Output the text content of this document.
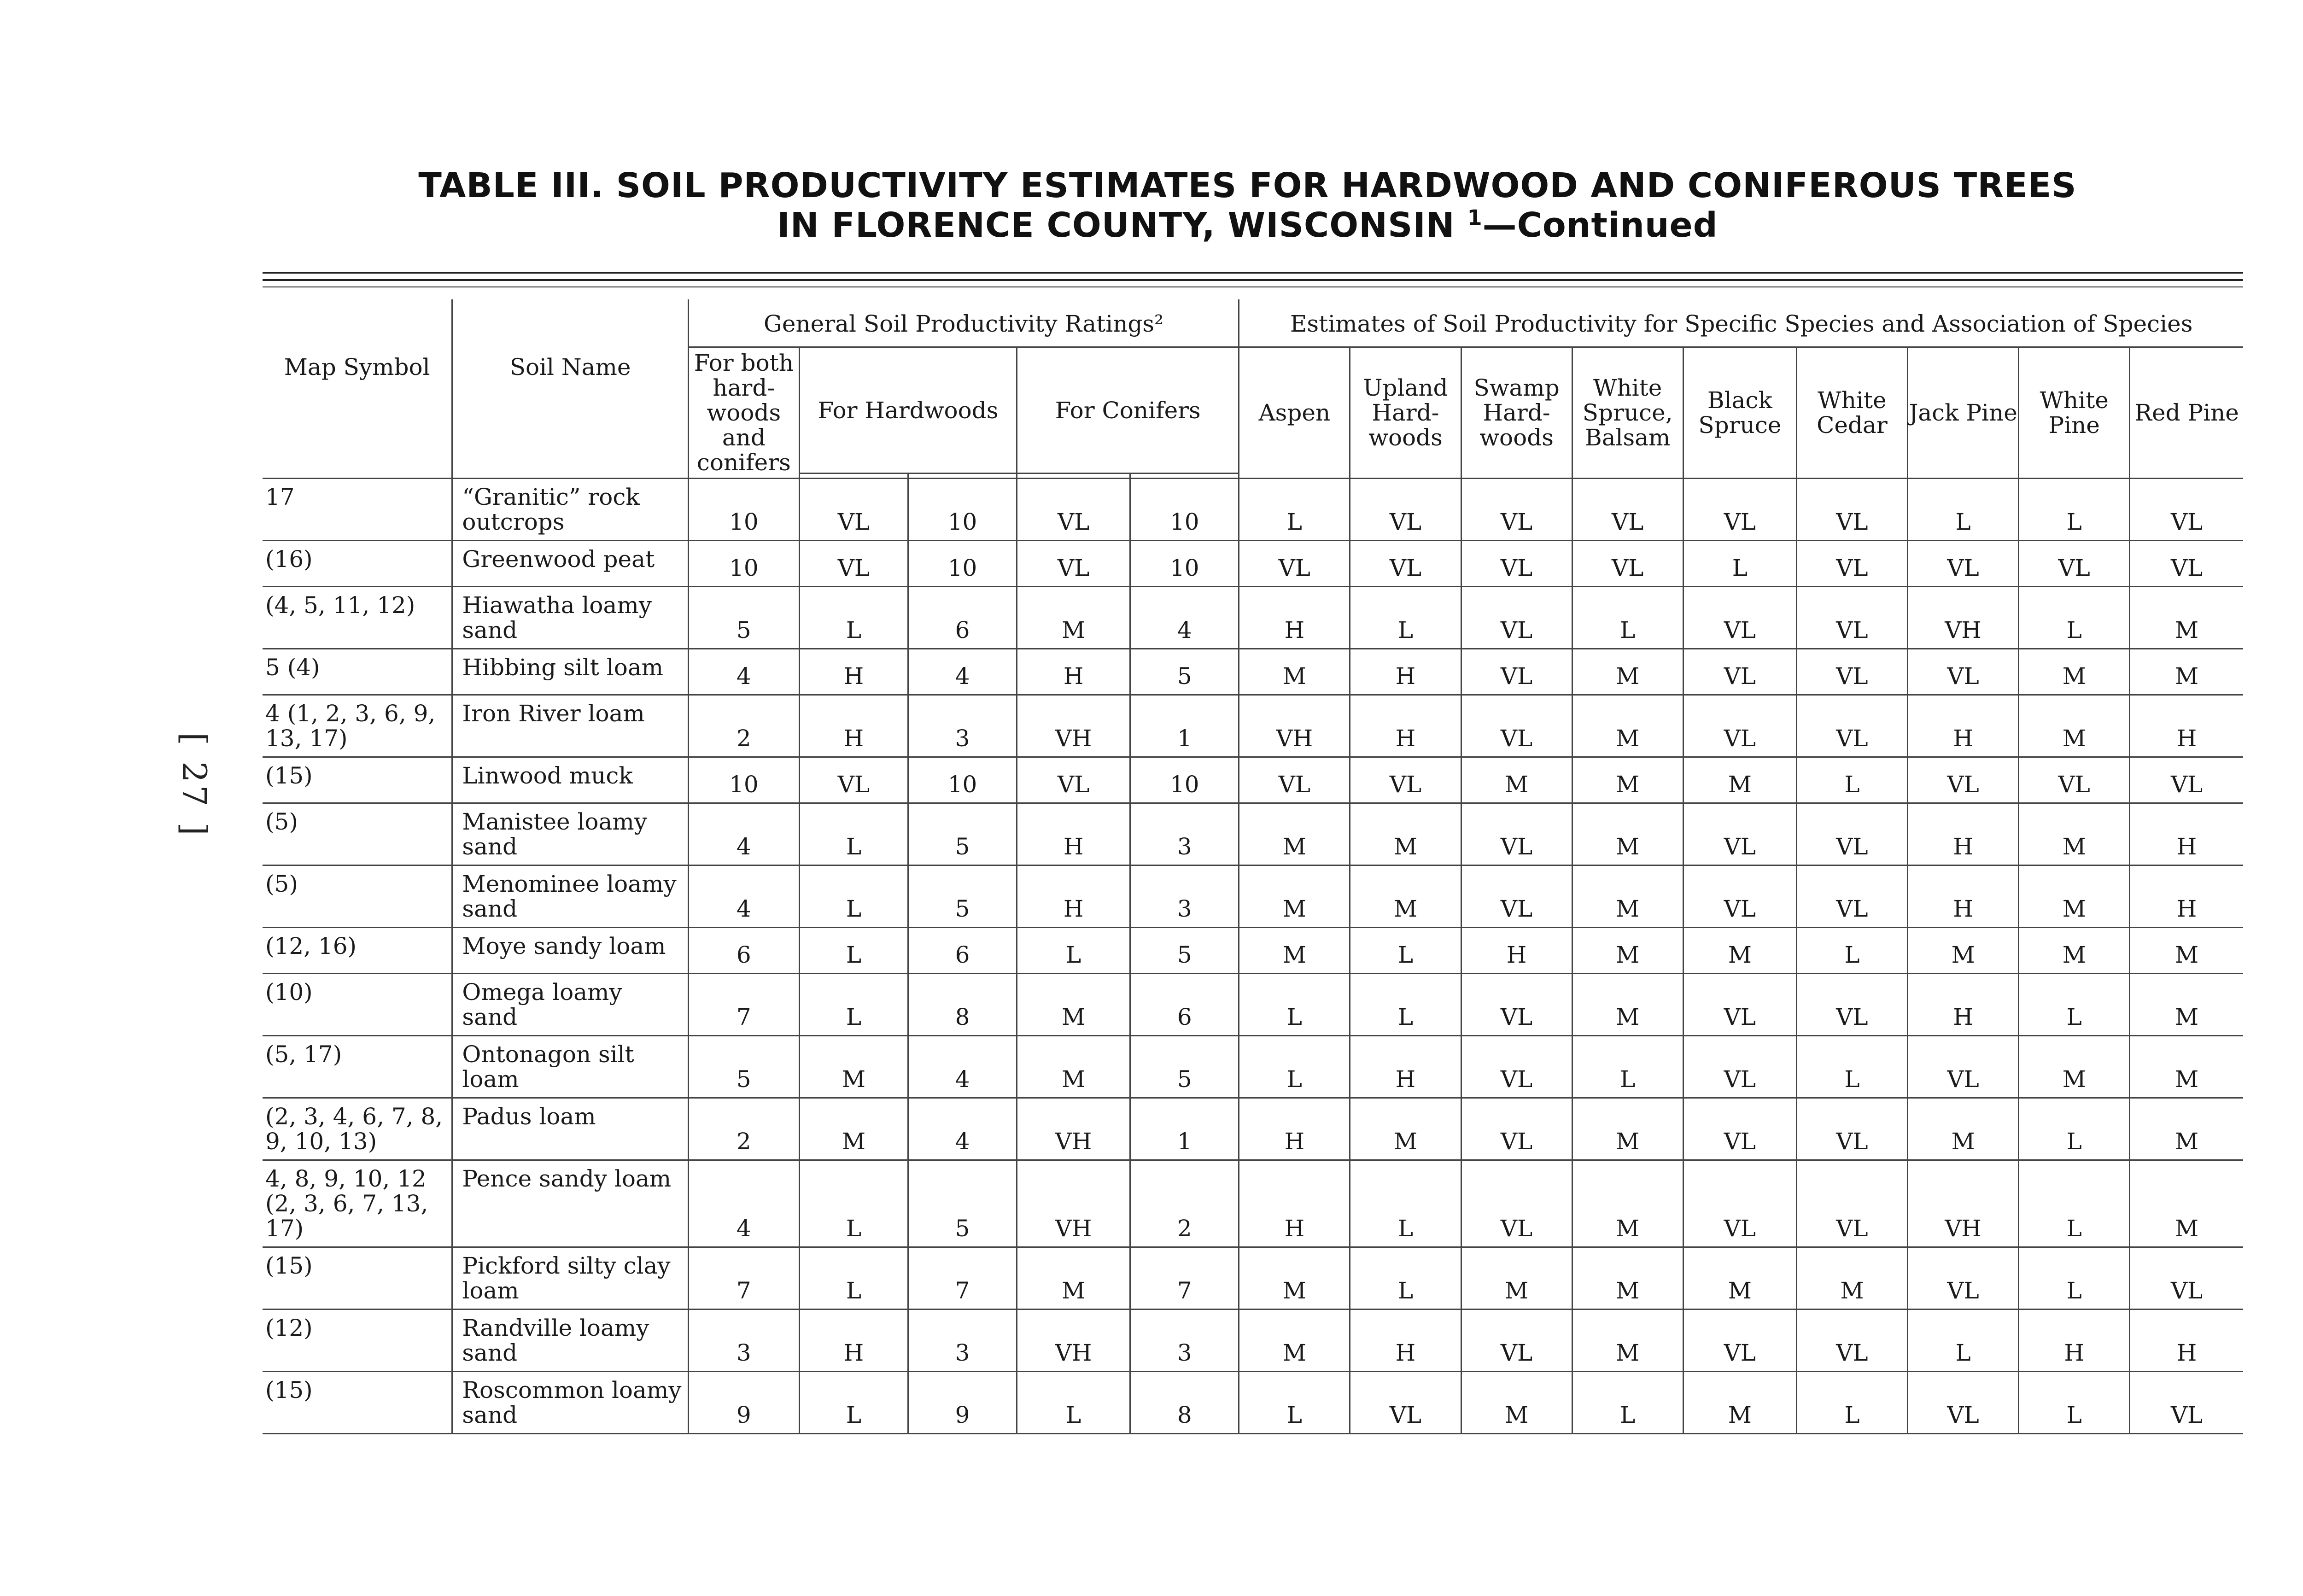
TABLE III. SOIL PRODUCTIVITY ESTIMATES FOR HARDWOOD AND CONIFEROUS TREES
IN FLORENCE COUNTY, WISCONSIN $^1$—Continued
[ 27 ]
Map Symbol	Soil Name	General Soil Productivity Ratings²					Estimates of Soil Productivity for Specific Species and Association of Species								
		For both hard-woods and conifers	For Hardwoods		For Conifers		Aspen	Upland Hard-woods	Swamp Hard-woods	White Spruce, Balsam	Black Spruce	White Cedar	Jack Pine	White Pine	Red Pine

17	“Granitic” rock outcrops	10	VL	10	VL	10	L	VL	VL	VL	VL	VL	L	L	VL
(16)	Greenwood peat	10	VL	10	VL	10	VL	VL	VL	VL	L	VL	VL	VL	VL
(4, 5, 11, 12)	Hiawatha loamy sand	5	L	6	M	4	H	L	VL	L	VL	VL	VH	L	M
5 (4)	Hibbing silt loam	4	H	4	H	5	M	H	VL	M	VL	VL	VL	M	M
4 (1, 2, 3, 6, 9, 13, 17)	Iron River loam	2	H	3	VH	1	VH	H	VL	M	VL	VL	H	M	H
(15)	Linwood muck	10	VL	10	VL	10	VL	VL	M	M	M	L	VL	VL	VL
(5)	Manistee loamy sand	4	L	5	H	3	M	M	VL	M	VL	VL	H	M	H
(5)	Menominee loamy sand	4	L	5	H	3	M	M	VL	M	VL	VL	H	M	H
(12, 16)	Moye sandy loam	6	L	6	L	5	M	L	H	M	M	L	M	M	M
(10)	Omega loamy sand	7	L	8	M	6	L	L	VL	M	VL	VL	H	L	M
(5, 17)	Ontonagon silt loam	5	M	4	M	5	L	H	VL	L	VL	L	VL	M	M
(2, 3, 4, 6, 7, 8, 9, 10, 13)	Padus loam	2	M	4	VH	1	H	M	VL	M	VL	VL	M	L	M
4, 8, 9, 10, 12 (2, 3, 6, 7, 13, 17)	Pence sandy loam	4	L	5	VH	2	H	L	VL	M	VL	VL	VH	L	M
(15)	Pickford silty clay loam	7	L	7	M	7	M	L	M	M	M	M	VL	L	VL
(12)	Randville loamy sand	3	H	3	VH	3	M	H	VL	M	VL	VL	L	H	H
(15)	Roscommon loamy sand	9	L	9	L	8	L	VL	M	L	M	L	VL	L	VL
